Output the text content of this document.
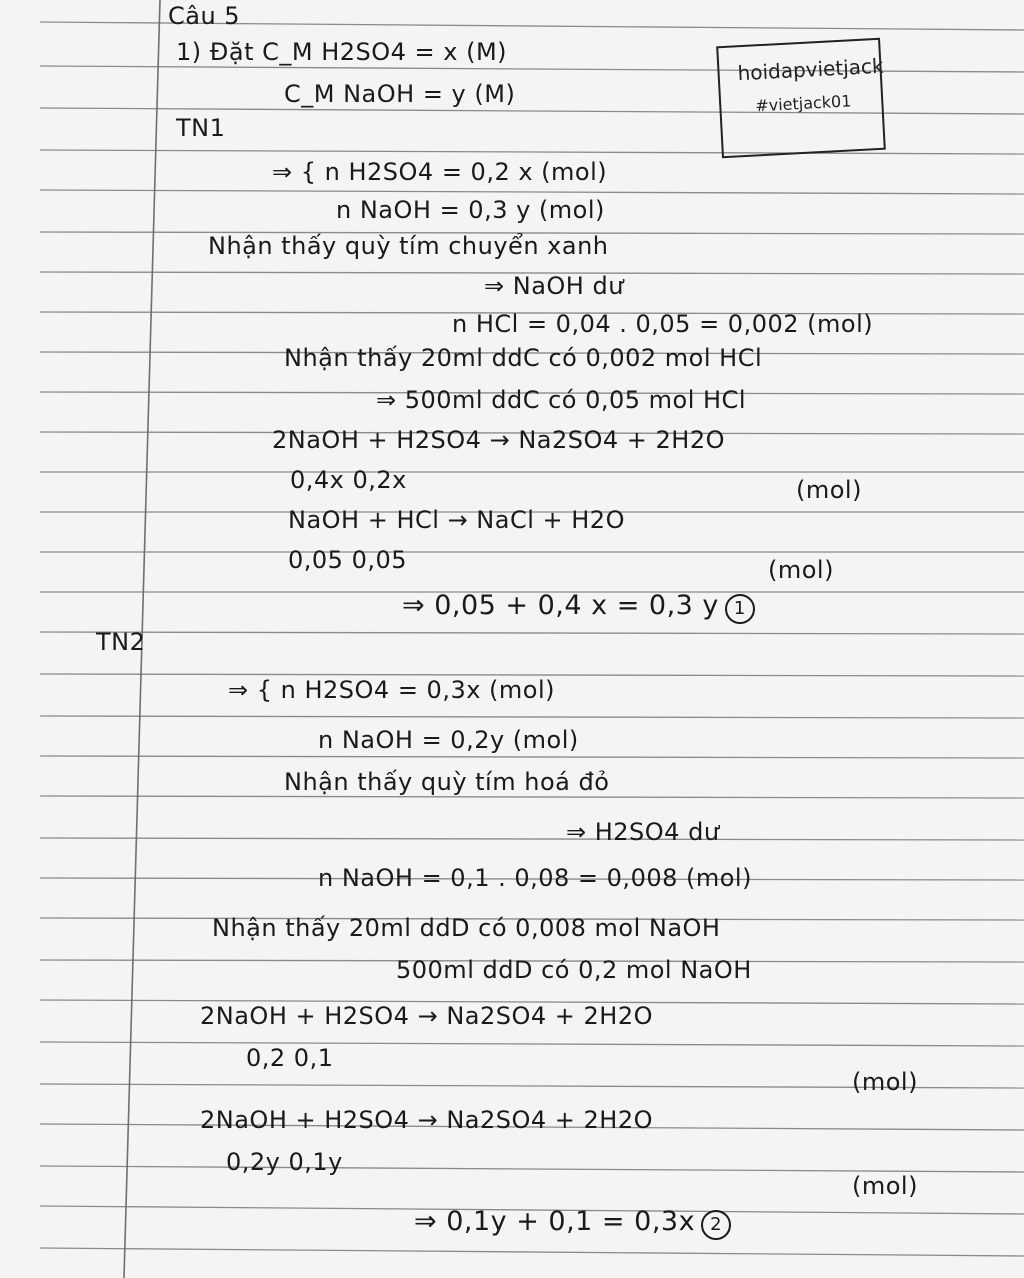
Câu 5
1) Đặt C_M H2SO4 = x (M)
C_M NaOH = y (M)
hoidapvietjack
#vietjack01
TN1
⇒ { n H2SO4 = 0,2 x (mol)
n NaOH = 0,3 y (mol)
Nhận thấy quỳ tím chuyển xanh
⇒ NaOH dư
n HCl = 0,04 . 0,05 = 0,002 (mol)
Nhận thấy 20ml ddC có 0,002 mol HCl
⇒ 500ml ddC có 0,05 mol HCl
2NaOH + H2SO4 → Na2SO4 + 2H2O
0,4x 0,2x	(mol)
NaOH + HCl → NaCl + H2O
0,05 0,05	(mol)
⇒ 0,05 + 0,4 x = 0,3 y 1
TN2
⇒ { n H2SO4 = 0,3x (mol)
n NaOH = 0,2y (mol)
Nhận thấy quỳ tím hoá đỏ
⇒ H2SO4 dư
n NaOH = 0,1 . 0,08 = 0,008 (mol)
Nhận thấy 20ml ddD có 0,008 mol NaOH
500ml ddD có 0,2 mol NaOH
2NaOH + H2SO4 → Na2SO4 + 2H2O
0,2 0,1
(mol)
2NaOH + H2SO4 → Na2SO4 + 2H2O
0,2y 0,1y
(mol)
⇒ 0,1y + 0,1 = 0,3x 2
